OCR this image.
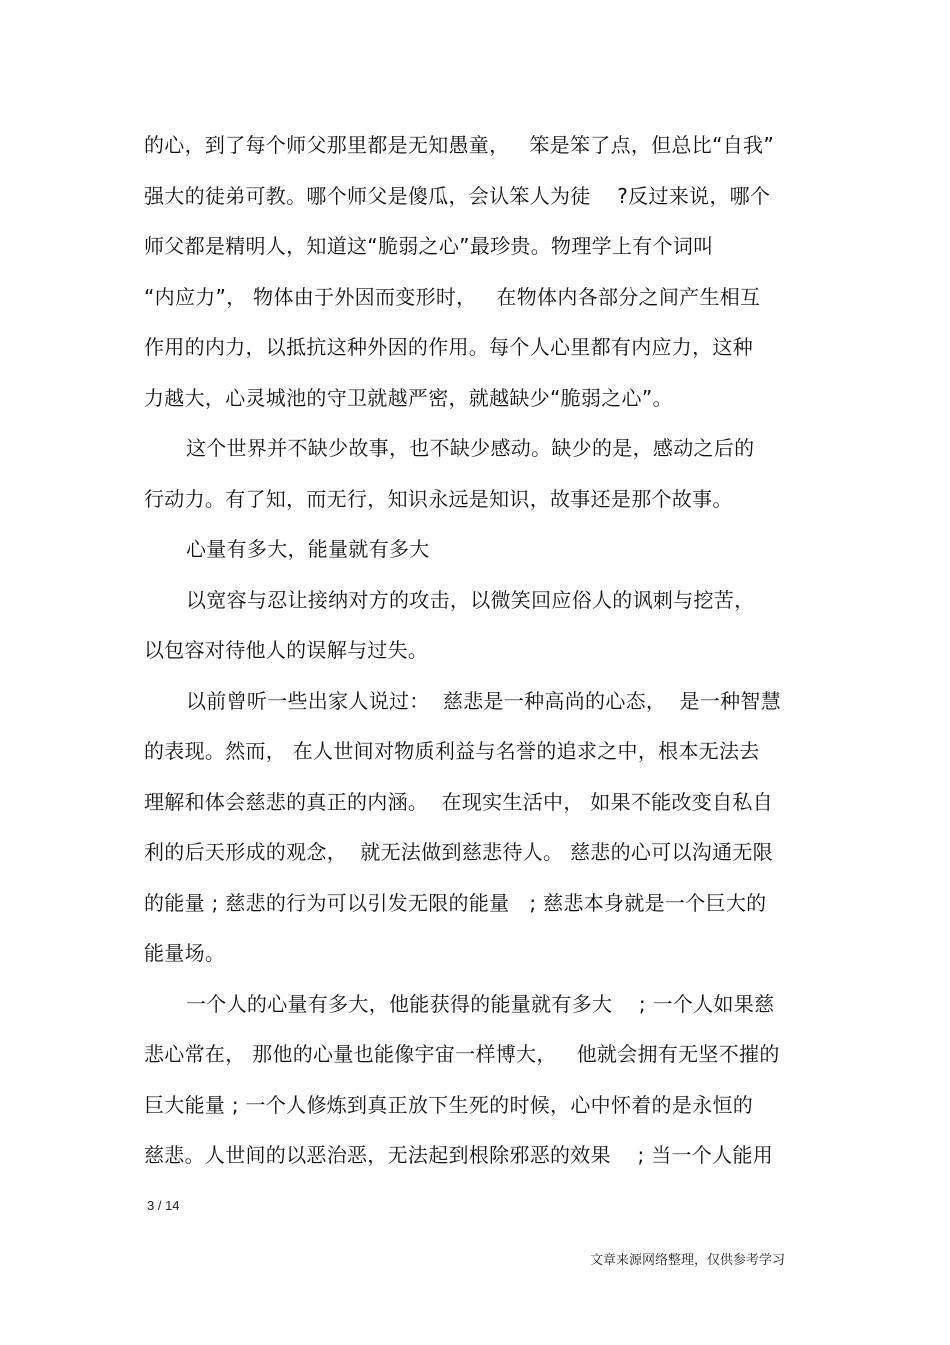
的心，到了每个师父那里都是无知愚童，   笨是笨了点，但总比“自我”
强大的徒弟可教。哪个师父是傻瓜，会认笨人为徒    ?反过来说，哪个
师父都是精明人，知道这“脆弱之心”最珍贵。物理学上有个词叫
“内应力”， 物体由于外因而变形时，   在物体内各部分之间产生相互
作用的内力，以抵抗这种外因的作用。每个人心里都有内应力，这种
力越大，心灵城池的守卫就越严密，就越缺少“脆弱之心”。
这个世界并不缺少故事，也不缺少感动。缺少的是，感动之后的
行动力。有了知，而无行，知识永远是知识，故事还是那个故事。
心量有多大，能量就有多大
以宽容与忍让接纳对方的攻击，以微笑回应俗人的讽刺与挖苦，
以包容对待他人的误解与过失。
以前曾听一些出家人说过：  慈悲是一种高尚的心态，  是一种智慧
的表现。然而， 在人世间对物质利益与名誉的追求之中，根本无法去
理解和体会慈悲的真正的内涵。  在现实生活中， 如果不能改变自私自
利的后天形成的观念，  就无法做到慈悲待人。 慈悲的心可以沟通无限
的能量 ; 慈悲的行为可以引发无限的能量   ; 慈悲本身就是一个巨大的
能量场。
一个人的心量有多大，他能获得的能量就有多大    ; 一个人如果慈
悲心常在， 那他的心量也能像宇宙一样博大，   他就会拥有无坚不摧的
巨大能量 ; 一个人修炼到真正放下生死的时候，心中怀着的是永恒的
慈悲。人世间的以恶治恶，无法起到根除邪恶的效果    ; 当一个人能用
3 / 14
文章来源网络整理，仅供参考学习
